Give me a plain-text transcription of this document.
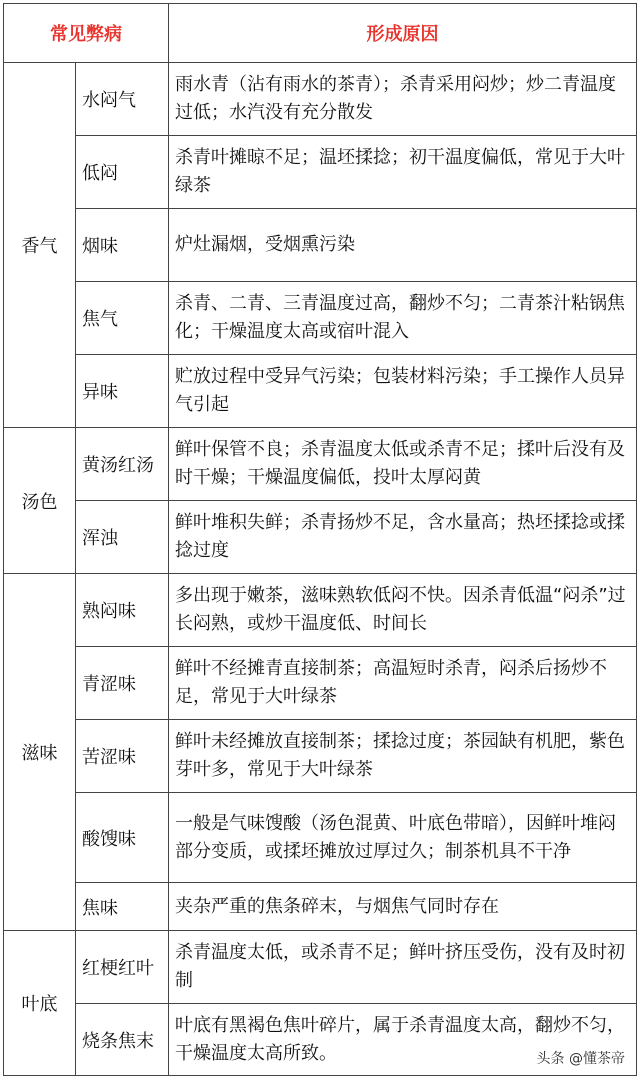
常见弊病		形成原因
香气	水闷气	雨水青（沾有雨水的茶青）；杀青采用闷炒；炒二青温度过低；水汽没有充分散发
	低闷	杀青叶摊晾不足；温坯揉捻；初干温度偏低，常见于大叶绿茶
	烟味	炉灶漏烟，受烟熏污染
	焦气	杀青、二青、三青温度过高，翻炒不匀；二青茶汁粘锅焦化；干燥温度太高或宿叶混入
	异味	贮放过程中受异气污染；包装材料污染；手工操作人员异气引起
汤色	黄汤红汤	鲜叶保管不良；杀青温度太低或杀青不足；揉叶后没有及时干燥；干燥温度偏低，投叶太厚闷黄
	浑浊	鲜叶堆积失鲜；杀青扬炒不足，含水量高；热坯揉捻或揉捻过度
滋味	熟闷味	多出现于嫩茶，滋味熟软低闷不快。因杀青低温“闷杀”过长闷熟，或炒干温度低、时间长
	青涩味	鲜叶不经摊青直接制茶；高温短时杀青，闷杀后扬炒不足，常见于大叶绿茶
	苦涩味	鲜叶未经摊放直接制茶；揉捻过度；茶园缺有机肥，紫色芽叶多，常见于大叶绿茶
	酸馊味	一般是气味馊酸（汤色混黄、叶底色带暗），因鲜叶堆闷部分变质，或揉坯摊放过厚过久；制茶机具不干净
	焦味	夹杂严重的焦条碎末，与烟焦气同时存在
叶底	红梗红叶	杀青温度太低，或杀青不足；鲜叶挤压受伤，没有及时初制
	烧条焦末	叶底有黑褐色焦叶碎片，属于杀青温度太高，翻炒不匀，干燥温度太高所致。	头条 @懂茶帝
